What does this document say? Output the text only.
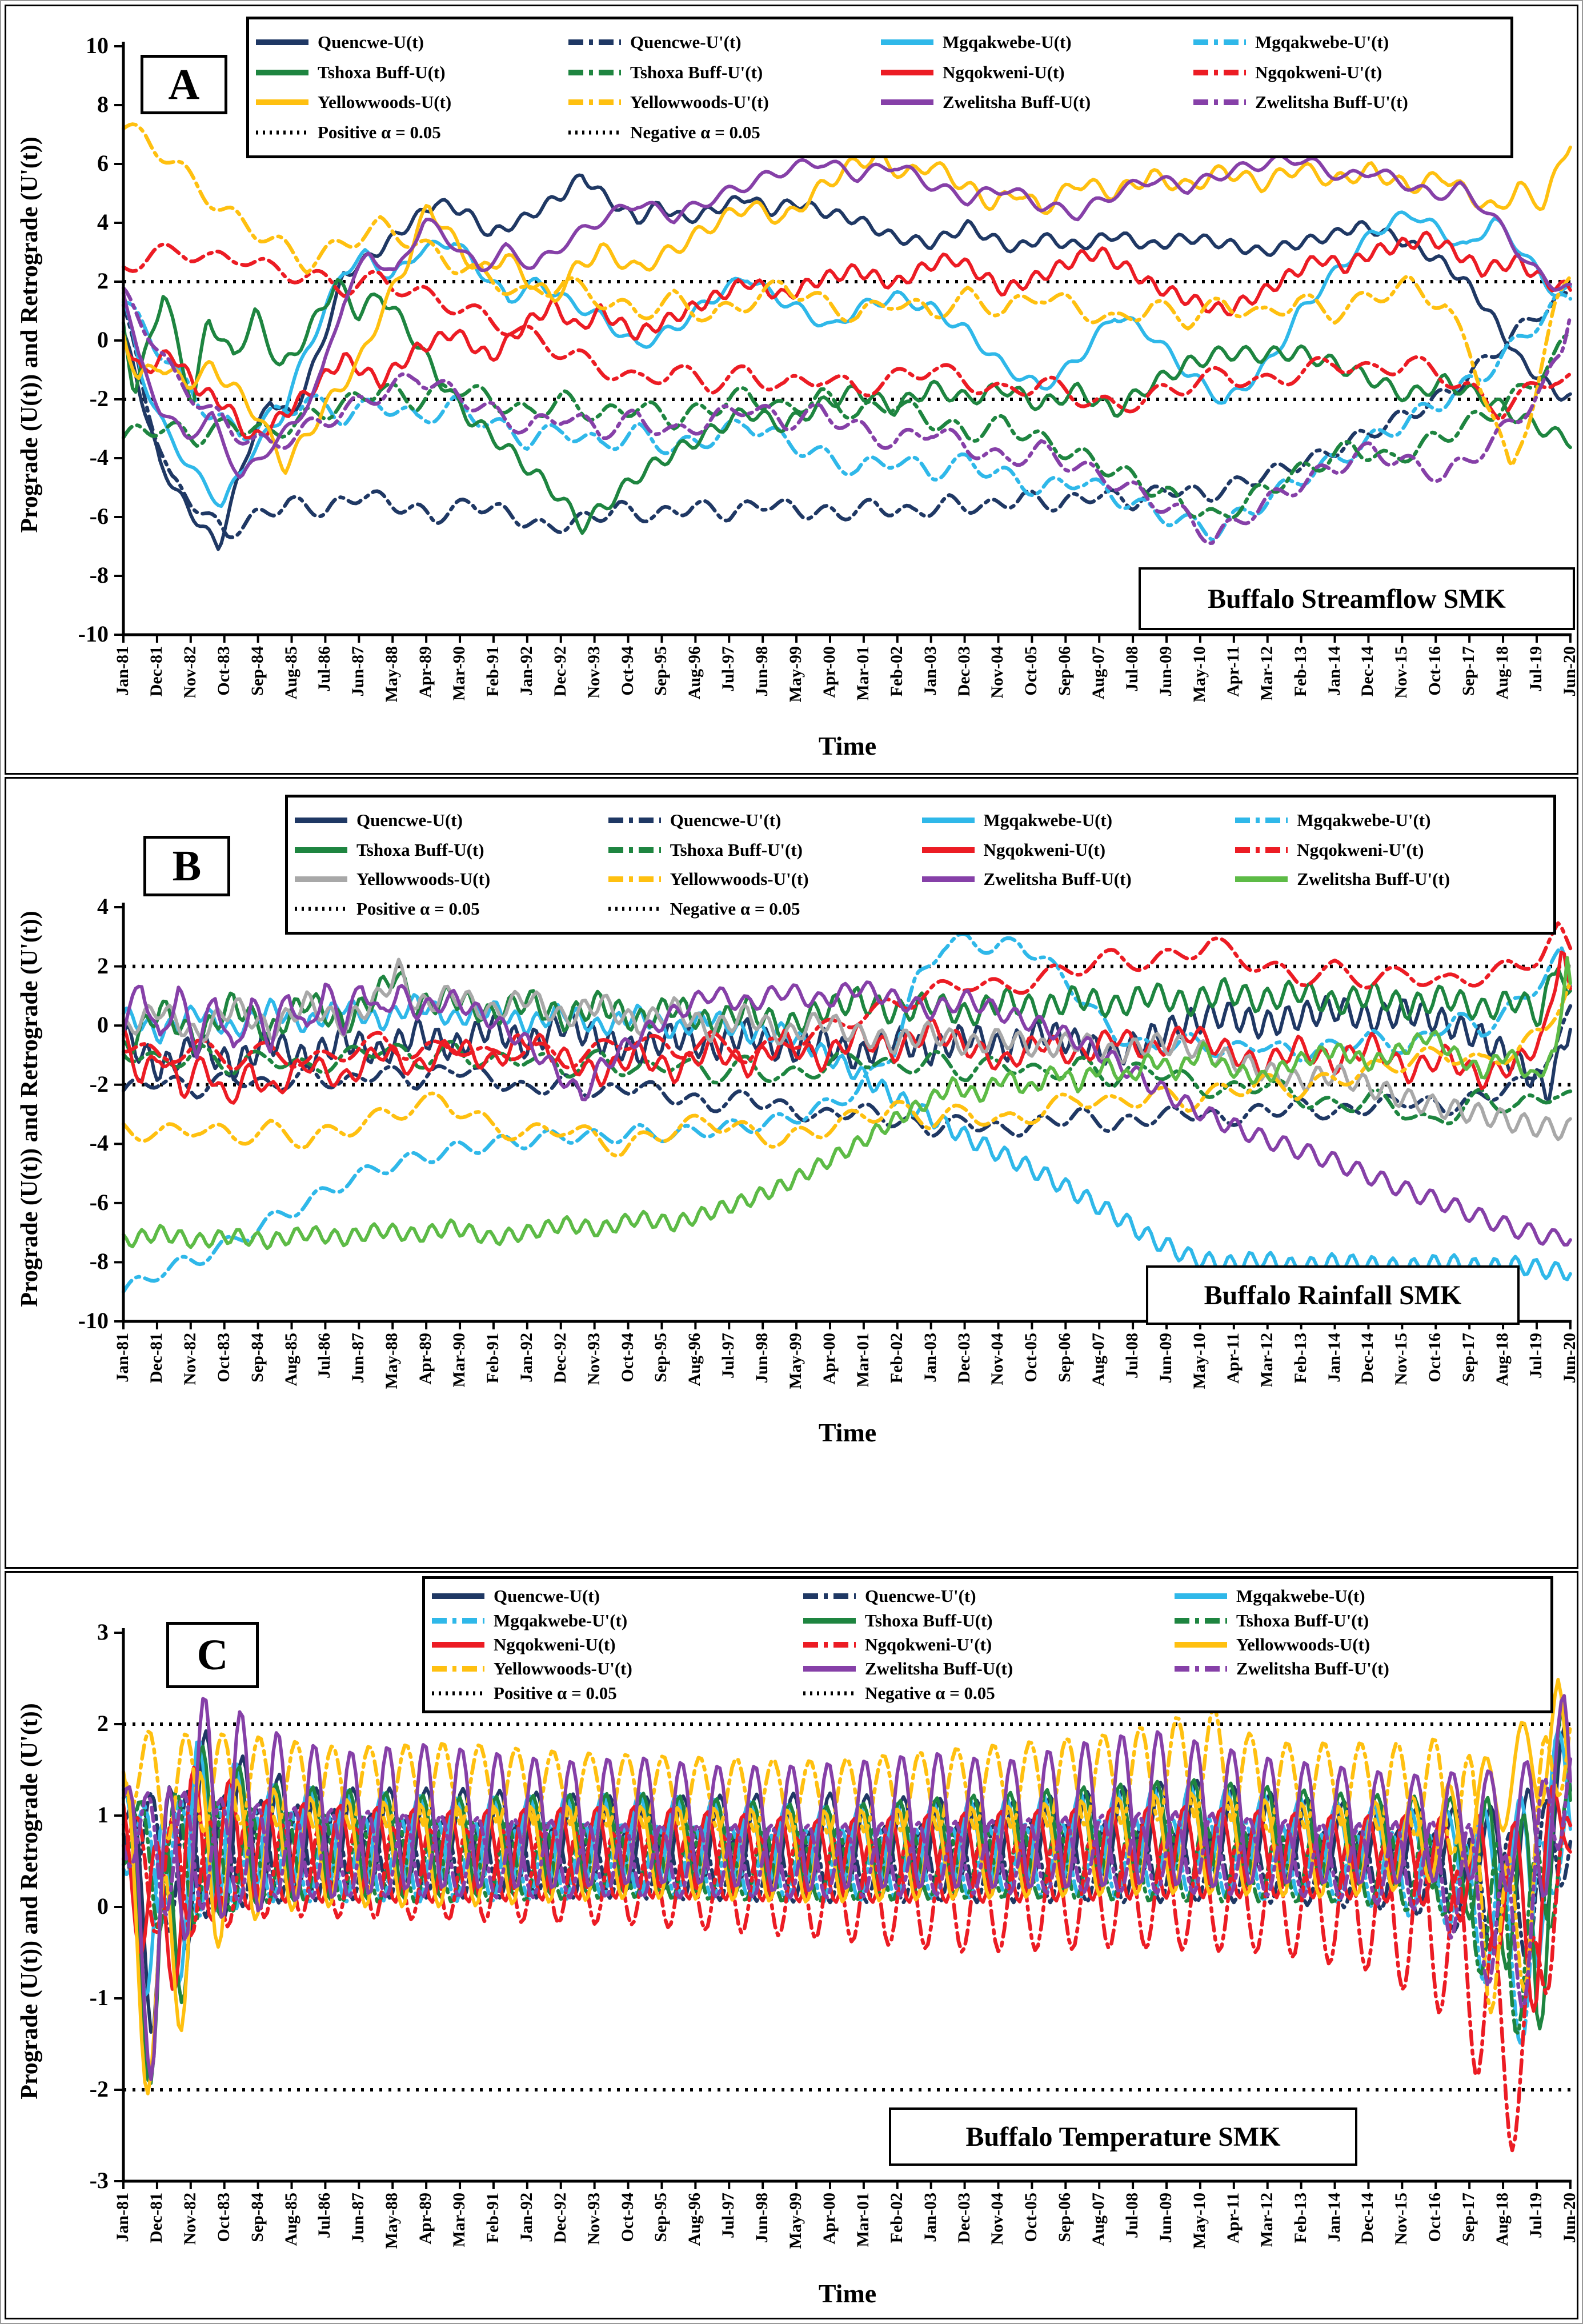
Prograde (U(t)) and Retrograde (U'(t))
A
Quencwe-U(t)	Quencwe-U'(t)	Mgqakwebe-U(t)	Mgqakwebe-U'(t)
Tshoxa Buff-U(t)	Tshoxa Buff-U'(t)	Ngqokweni-U(t)	Ngqokweni-U'(t)
Yellowwoods-U(t)	Yellowwoods-U'(t)	Zwelitsha Buff-U(t)	Zwelitsha Buff-U'(t)
Positive α = 0.05	Negative α = 0.05
Buffalo Streamflow SMK
Time
10
8
6
4
2
0
-2
-4
-6
-8
-10
Jan-81 Dec-81 Nov-82 Oct-83 Sep-84 Aug-85 Jul-86 Jun-87 May-88 Apr-89 Mar-90 Feb-91 Jan-92 Dec-92 Nov-93 Oct-94 Sep-95 Aug-96 Jul-97 Jun-98 May-99 Apr-00 Mar-01 Feb-02 Jan-03 Dec-03 Nov-04 Oct-05 Sep-06 Aug-07 Jul-08 Jun-09 May-10 Apr-11 Mar-12 Feb-13 Jan-14 Dec-14 Nov-15 Oct-16 Sep-17 Aug-18 Jul-19 Jun-20
Prograde (U(t)) and Retrograde (U'(t))
B
Quencwe-U(t)	Quencwe-U'(t)	Mgqakwebe-U(t)	Mgqakwebe-U'(t)
Tshoxa Buff-U(t)	Tshoxa Buff-U'(t)	Ngqokweni-U(t)	Ngqokweni-U'(t)
Yellowwoods-U(t)	Yellowwoods-U'(t)	Zwelitsha Buff-U(t)	Zwelitsha Buff-U'(t)
Positive α = 0.05	Negative α = 0.05
Buffalo Rainfall SMK
Time
4
2
0
-2
-4
-6
-8
-10
Jan-81 Dec-81 Nov-82 Oct-83 Sep-84 Aug-85 Jul-86 Jun-87 May-88 Apr-89 Mar-90 Feb-91 Jan-92 Dec-92 Nov-93 Oct-94 Sep-95 Aug-96 Jul-97 Jun-98 May-99 Apr-00 Mar-01 Feb-02 Jan-03 Dec-03 Nov-04 Oct-05 Sep-06 Aug-07 Jul-08 Jun-09 May-10 Apr-11 Mar-12 Feb-13 Jan-14 Dec-14 Nov-15 Oct-16 Sep-17 Aug-18 Jul-19 Jun-20
Prograde (U(t)) and Retrograde (U'(t))
C
Quencwe-U(t)	Quencwe-U'(t)	Mgqakwebe-U(t)
Mgqakwebe-U'(t)	Tshoxa Buff-U(t)	Tshoxa Buff-U'(t)
Ngqokweni-U(t)	Ngqokweni-U'(t)	Yellowwoods-U(t)
Yellowwoods-U'(t)	Zwelitsha Buff-U(t)	Zwelitsha Buff-U'(t)
Positive α = 0.05	Negative α = 0.05
Buffalo Temperature SMK
Time
3
2
1
0
-1
-2
-3
Jan-81 Dec-81 Nov-82 Oct-83 Sep-84 Aug-85 Jul-86 Jun-87 May-88 Apr-89 Mar-90 Feb-91 Jan-92 Dec-92 Nov-93 Oct-94 Sep-95 Aug-96 Jul-97 Jun-98 May-99 Apr-00 Mar-01 Feb-02 Jan-03 Dec-03 Nov-04 Oct-05 Sep-06 Aug-07 Jul-08 Jun-09 May-10 Apr-11 Mar-12 Feb-13 Jan-14 Dec-14 Nov-15 Oct-16 Sep-17 Aug-18 Jul-19 Jun-20
